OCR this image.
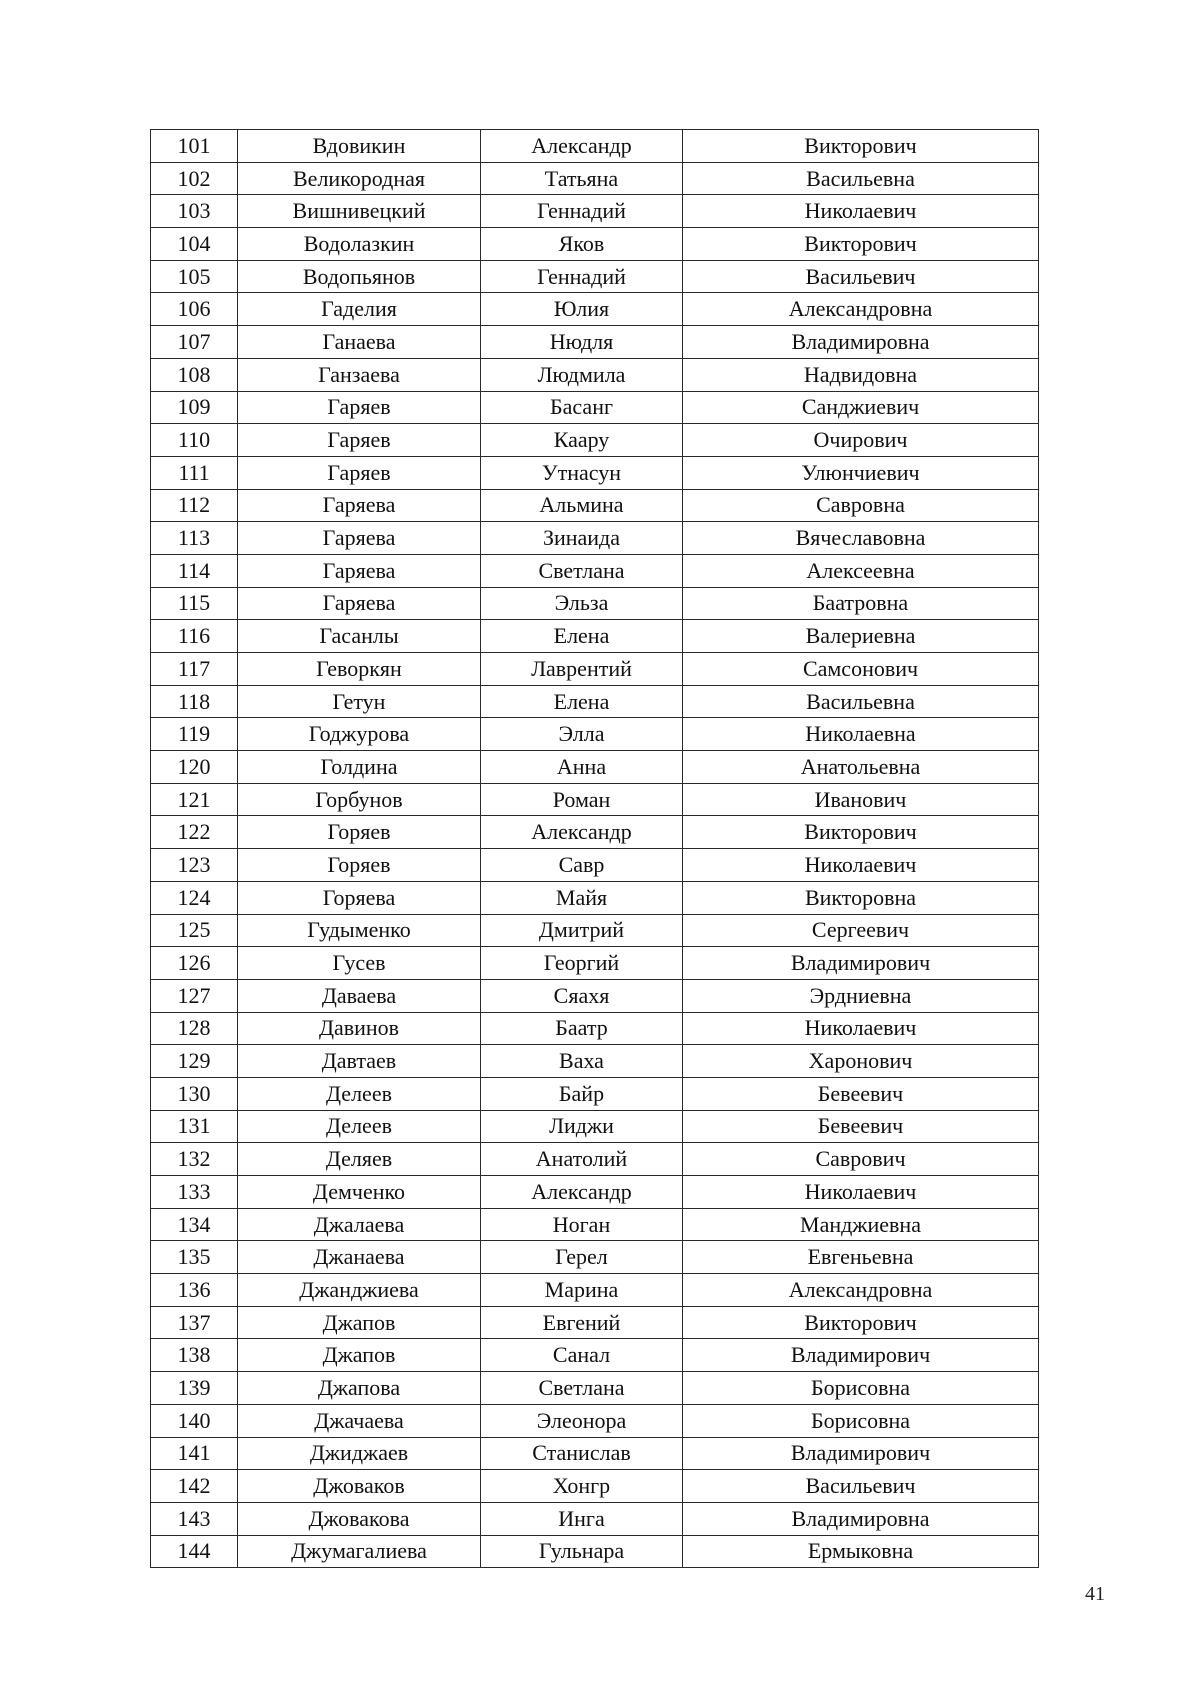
101	Вдовикин	Александр	Викторович
102	Великородная	Татьяна	Васильевна
103	Вишнивецкий	Геннадий	Николаевич
104	Водолазкин	Яков	Викторович
105	Водопьянов	Геннадий	Васильевич
106	Гаделия	Юлия	Александровна
107	Ганаева	Нюдля	Владимировна
108	Ганзаева	Людмила	Надвидовна
109	Гаряев	Басанг	Санджиевич
110	Гаряев	Каару	Очирович
111	Гаряев	Утнасун	Улюнчиевич
112	Гаряева	Альмина	Савровна
113	Гаряева	Зинаида	Вячеславовна
114	Гаряева	Светлана	Алексеевна
115	Гаряева	Эльза	Баатровна
116	Гасанлы	Елена	Валериевна
117	Геворкян	Лаврентий	Самсонович
118	Гетун	Елена	Васильевна
119	Годжурова	Элла	Николаевна
120	Голдина	Анна	Анатольевна
121	Горбунов	Роман	Иванович
122	Горяев	Александр	Викторович
123	Горяев	Савр	Николаевич
124	Горяева	Майя	Викторовна
125	Гудыменко	Дмитрий	Сергеевич
126	Гусев	Георгий	Владимирович
127	Даваева	Сяахя	Эрдниевна
128	Давинов	Баатр	Николаевич
129	Давтаев	Ваха	Харонович
130	Делеев	Байр	Бевеевич
131	Делеев	Лиджи	Бевеевич
132	Деляев	Анатолий	Саврович
133	Демченко	Александр	Николаевич
134	Джалаева	Ноган	Манджиевна
135	Джанаева	Герел	Евгеньевна
136	Джанджиева	Марина	Александровна
137	Джапов	Евгений	Викторович
138	Джапов	Санал	Владимирович
139	Джапова	Светлана	Борисовна
140	Джачаева	Элеонора	Борисовна
141	Джиджаев	Станислав	Владимирович
142	Джоваков	Хонгр	Васильевич
143	Джовакова	Инга	Владимировна
144	Джумагалиева	Гульнара	Ермыковна
41
